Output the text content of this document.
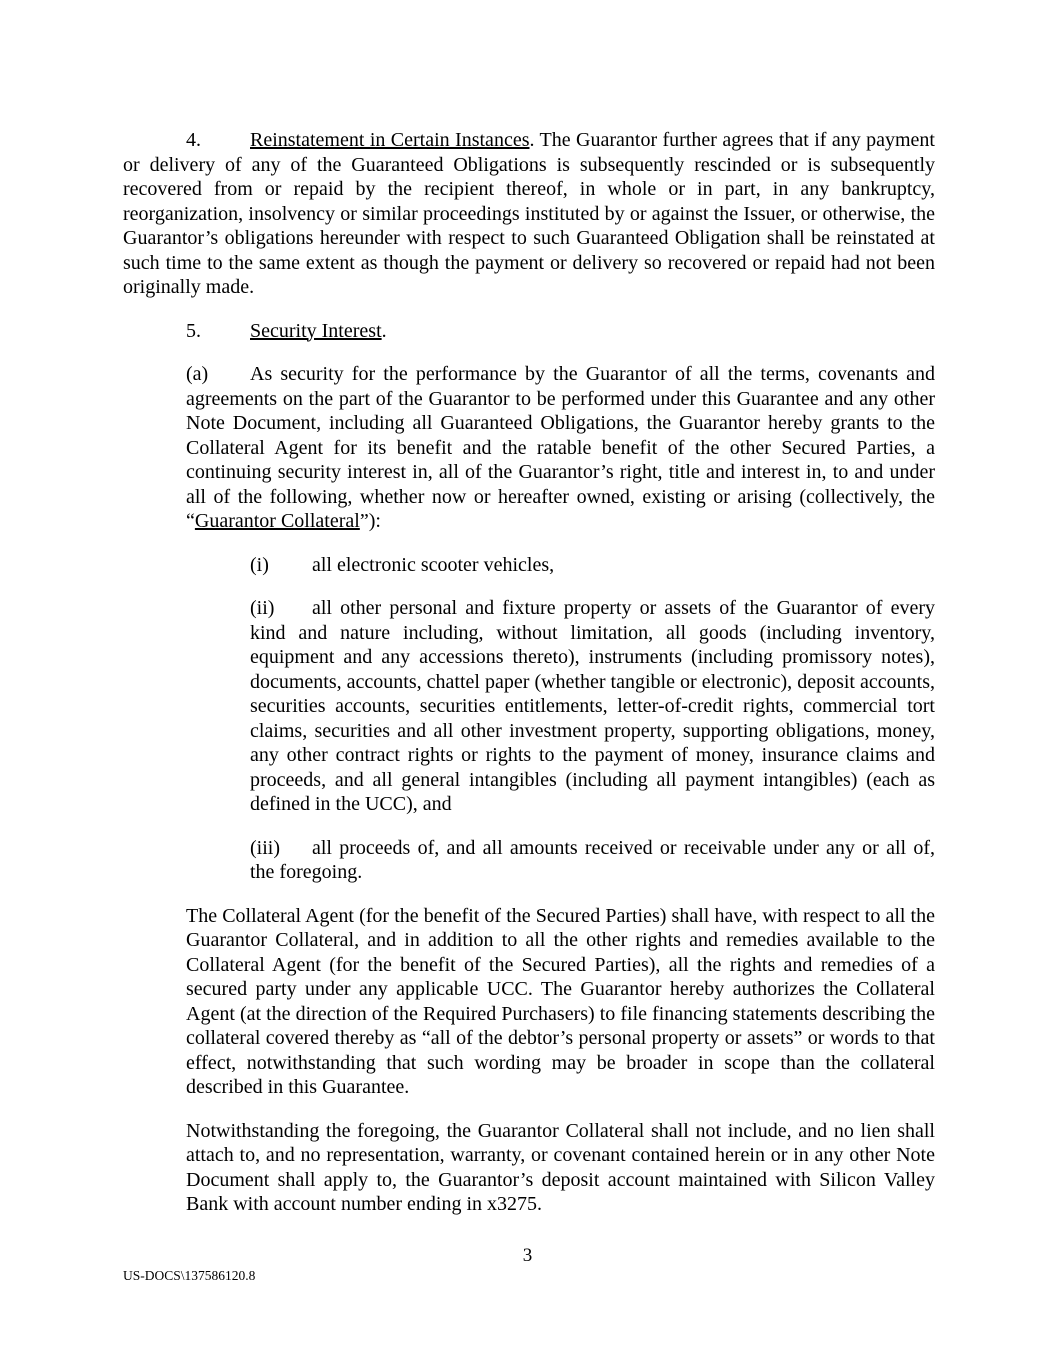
4. Reinstatement in Certain Instances. The Guarantor further agrees that if any payment or delivery of any of the Guaranteed Obligations is subsequently rescinded or is subsequently recovered from or repaid by the recipient thereof, in whole or in part, in any bankruptcy, reorganization, insolvency or similar proceedings instituted by or against the Issuer, or otherwise, the Guarantor’s obligations hereunder with respect to such Guaranteed Obligation shall be reinstated at such time to the same extent as though the payment or delivery so recovered or repaid had not been originally made.

5. Security Interest.

(a) As security for the performance by the Guarantor of all the terms, covenants and agreements on the part of the Guarantor to be performed under this Guarantee and any other Note Document, including all Guaranteed Obligations, the Guarantor hereby grants to the Collateral Agent for its benefit and the ratable benefit of the other Secured Parties, a continuing security interest in, all of the Guarantor’s right, title and interest in, to and under all of the following, whether now or hereafter owned, existing or arising (collectively, the “Guarantor Collateral”):

(i) all electronic scooter vehicles,

(ii) all other personal and fixture property or assets of the Guarantor of every kind and nature including, without limitation, all goods (including inventory, equipment and any accessions thereto), instruments (including promissory notes), documents, accounts, chattel paper (whether tangible or electronic), deposit accounts, securities accounts, securities entitlements, letter-of-credit rights, commercial tort claims, securities and all other investment property, supporting obligations, money, any other contract rights or rights to the payment of money, insurance claims and proceeds, and all general intangibles (including all payment intangibles) (each as defined in the UCC), and

(iii) all proceeds of, and all amounts received or receivable under any or all of, the foregoing.

The Collateral Agent (for the benefit of the Secured Parties) shall have, with respect to all the Guarantor Collateral, and in addition to all the other rights and remedies available to the Collateral Agent (for the benefit of the Secured Parties), all the rights and remedies of a secured party under any applicable UCC. The Guarantor hereby authorizes the Collateral Agent (at the direction of the Required Purchasers) to file financing statements describing the collateral covered thereby as “all of the debtor’s personal property or assets” or words to that effect, notwithstanding that such wording may be broader in scope than the collateral described in this Guarantee.

Notwithstanding the foregoing, the Guarantor Collateral shall not include, and no lien shall attach to, and no representation, warranty, or covenant contained herein or in any other Note Document shall apply to, the Guarantor’s deposit account maintained with Silicon Valley Bank with account number ending in x3275.

3
US-DOCS\137586120.8
